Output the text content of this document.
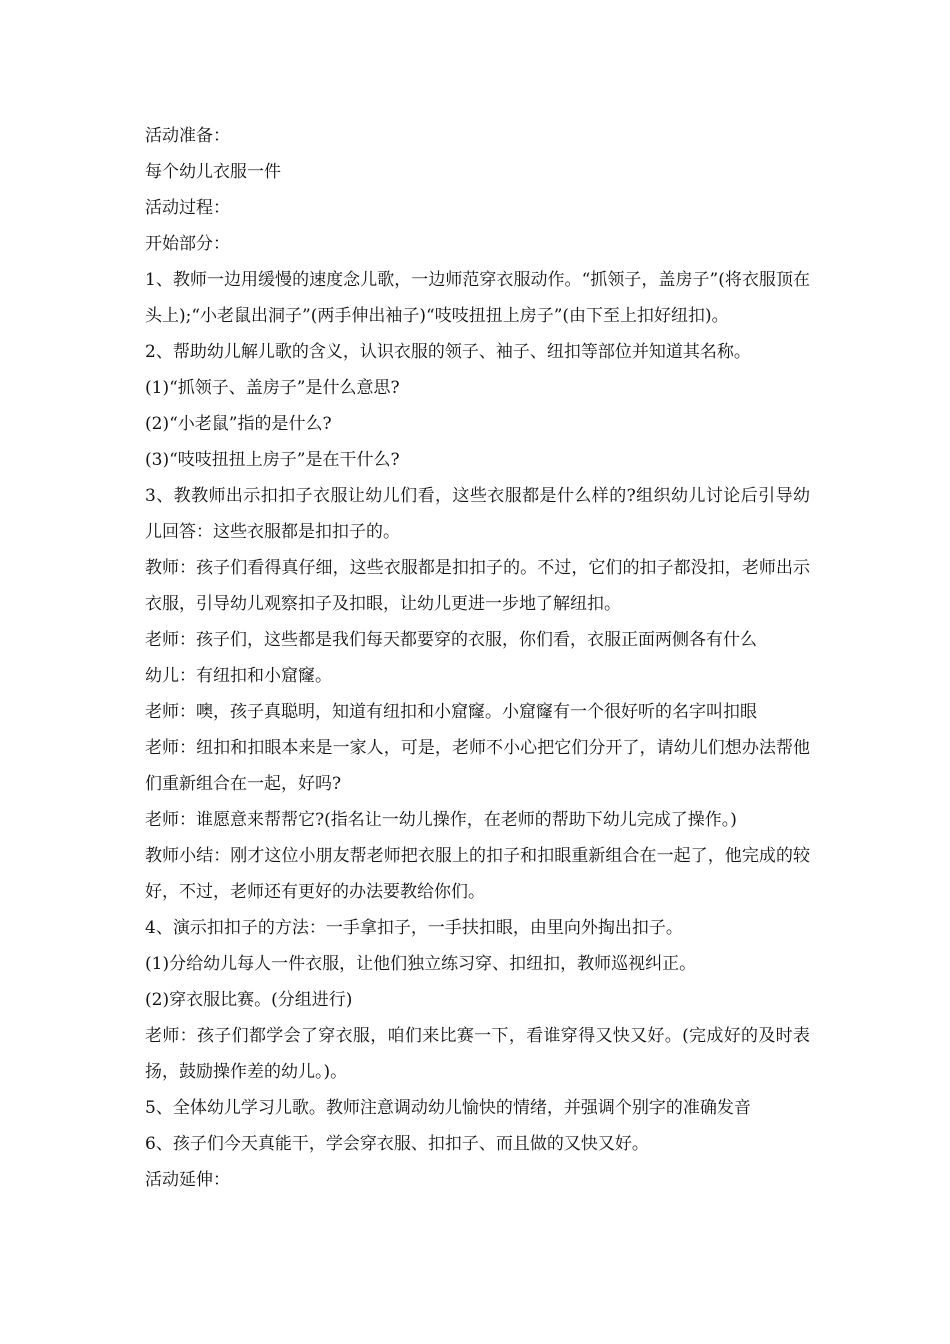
活动准备：

每个幼儿衣服一件

活动过程：

开始部分：

1、教师一边用缓慢的速度念儿歌，一边师范穿衣服动作。“抓领子，盖房子”(将衣服顶在头上);“小老鼠出洞子”(两手伸出袖子)“吱吱扭扭上房子”(由下至上扣好纽扣)。

2、帮助幼儿解儿歌的含义，认识衣服的领子、袖子、纽扣等部位并知道其名称。

(1)“抓领子、盖房子”是什么意思?

(2)“小老鼠”指的是什么?

(3)“吱吱扭扭上房子”是在干什么?

3、教教师出示扣扣子衣服让幼儿们看，这些衣服都是什么样的?组织幼儿讨论后引导幼儿回答：这些衣服都是扣扣子的。

教师：孩子们看得真仔细，这些衣服都是扣扣子的。不过，它们的扣子都没扣，老师出示衣服，引导幼儿观察扣子及扣眼，让幼儿更进一步地了解纽扣。

老师：孩子们，这些都是我们每天都要穿的衣服，你们看，衣服正面两侧各有什么

幼儿：有纽扣和小窟窿。

老师：噢，孩子真聪明，知道有纽扣和小窟窿。小窟窿有一个很好听的名字叫扣眼

老师：纽扣和扣眼本来是一家人，可是，老师不小心把它们分开了，请幼儿们想办法帮他们重新组合在一起，好吗?

老师：谁愿意来帮帮它?(指名让一幼儿操作，在老师的帮助下幼儿完成了操作。)

教师小结：刚才这位小朋友帮老师把衣服上的扣子和扣眼重新组合在一起了，他完成的较好，不过，老师还有更好的办法要教给你们。

4、演示扣扣子的方法：一手拿扣子，一手扶扣眼，由里向外掏出扣子。

(1)分给幼儿每人一件衣服，让他们独立练习穿、扣纽扣，教师巡视纠正。

(2)穿衣服比赛。(分组进行)

老师：孩子们都学会了穿衣服，咱们来比赛一下，看谁穿得又快又好。(完成好的及时表扬，鼓励操作差的幼儿。)。

5、全体幼儿学习儿歌。教师注意调动幼儿愉快的情绪，并强调个别字的准确发音

6、孩子们今天真能干，学会穿衣服、扣扣子、而且做的又快又好。

活动延伸：
